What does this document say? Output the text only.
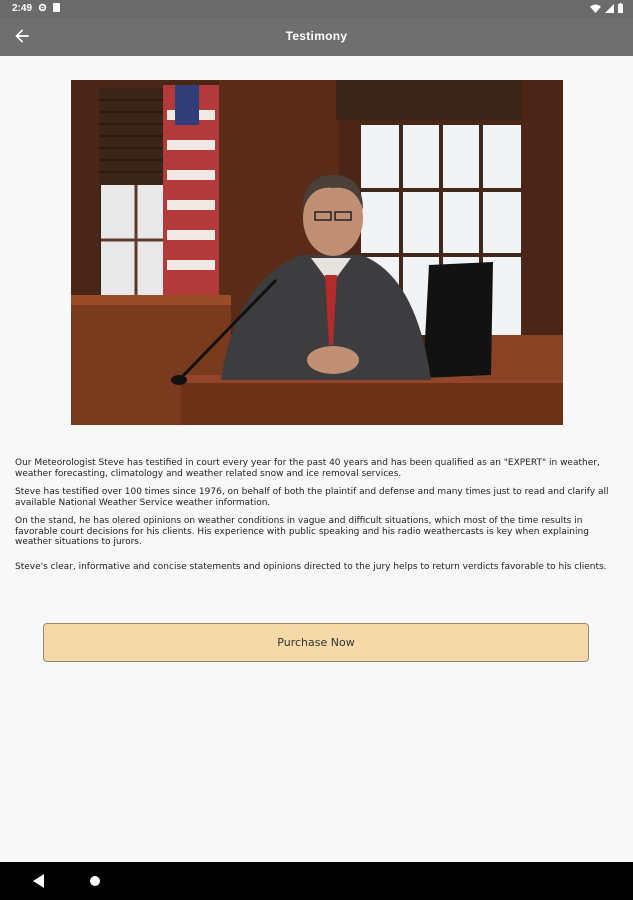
2:49
Testimony

Our Meteorologist Steve has testified in court every year for the past 40 years and has been qualified as an "EXPERT" in weather, weather forecasting, climatology and weather related snow and ice removal services.

Steve has testified over 100 times since 1976, on behalf of both the plaintif and defense and many times just to read and clarify all available National Weather Service weather information.

On the stand, he has olered opinions on weather conditions in vague and difficult situations, which most of the time results in favorable court decisions for his clients. His experience with public speaking and his radio weathercasts is key when explaining weather situations to jurors.

Steve's clear, informative and concise statements and opinions directed to the jury helps to return verdicts favorable to his clients.

Purchase Now
